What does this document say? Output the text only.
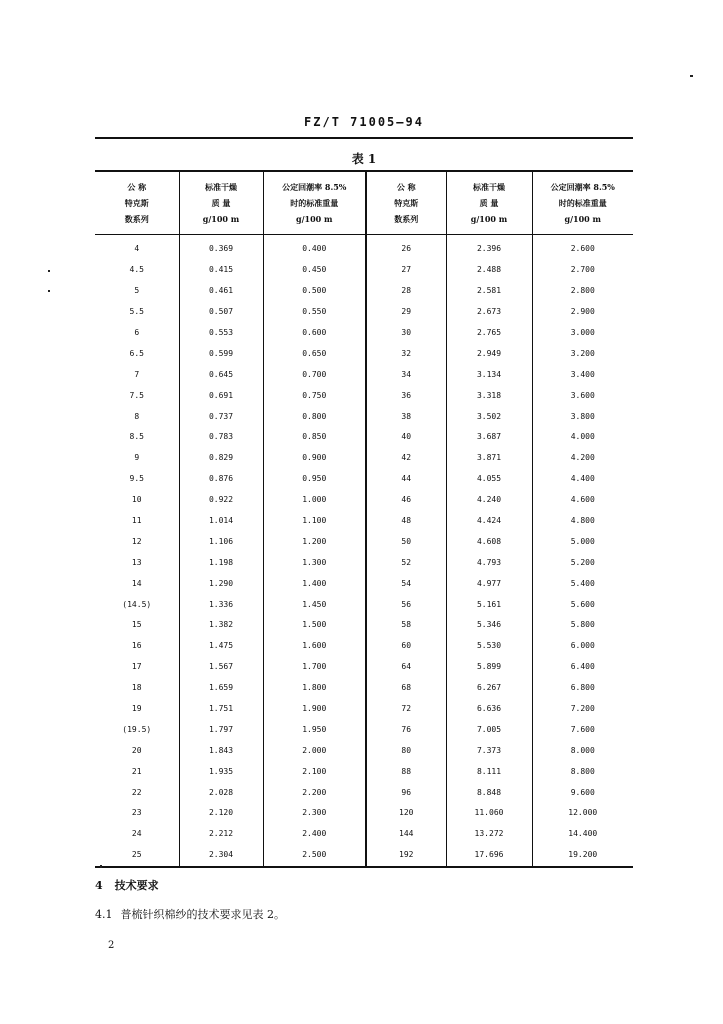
FZ/T 71005—94
表 1
公 称
特克斯
数系列	标准干燥
质 量
g/100 m	公定回潮率 8.5%
时的标准重量
g/100 m	公 称
特克斯
数系列	标准干燥
质 量
g/100 m	公定回潮率 8.5%
时的标准重量
g/100 m
4	0.369	0.400	26	2.396	2.600
4.5	0.415	0.450	27	2.488	2.700
5	0.461	0.500	28	2.581	2.800
5.5	0.507	0.550	29	2.673	2.900
6	0.553	0.600	30	2.765	3.000
6.5	0.599	0.650	32	2.949	3.200
7	0.645	0.700	34	3.134	3.400
7.5	0.691	0.750	36	3.318	3.600
8	0.737	0.800	38	3.502	3.800
8.5	0.783	0.850	40	3.687	4.000
9	0.829	0.900	42	3.871	4.200
9.5	0.876	0.950	44	4.055	4.400
10	0.922	1.000	46	4.240	4.600
11	1.014	1.100	48	4.424	4.800
12	1.106	1.200	50	4.608	5.000
13	1.198	1.300	52	4.793	5.200
14	1.290	1.400	54	4.977	5.400
(14.5)	1.336	1.450	56	5.161	5.600
15	1.382	1.500	58	5.346	5.800
16	1.475	1.600	60	5.530	6.000
17	1.567	1.700	64	5.899	6.400
18	1.659	1.800	68	6.267	6.800
19	1.751	1.900	72	6.636	7.200
(19.5)	1.797	1.950	76	7.005	7.600
20	1.843	2.000	80	7.373	8.000
21	1.935	2.100	88	8.111	8.800
22	2.028	2.200	96	8.848	9.600
23	2.120	2.300	120	11.060	12.000
24	2.212	2.400	144	13.272	14.400
25	2.304	2.500	192	17.696	19.200
4 技术要求
4.1 普梳针织棉纱的技术要求见表 2。
2
